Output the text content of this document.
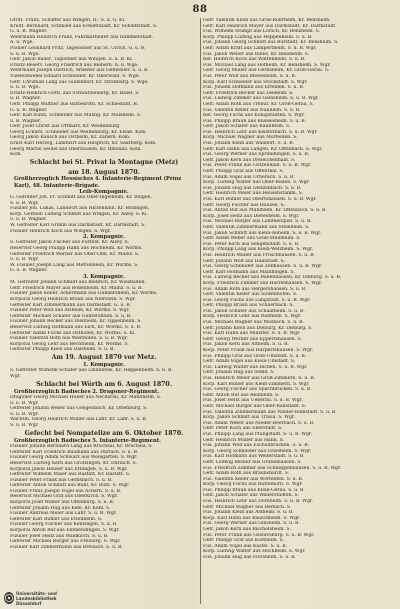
88
Gfrdt. Franz, Schaffer aus Wingen, R.- S. u. G. Kl.
Krüdt. Bernhard, Schmied aus Schlettstadt, Kr. Schlettstadt. S.
G. u. B. Wagner.
Wehrmann Heinrich Franz, Fabrikarbeiter aus Hammerstadt.
A. u. Wge.
Pionier Leonhard Fritz, Tagelöhner aus St. Ulrich. G. u. B.
S. u. B. Wge.
Gefr. Jakob Bauer, Taglöhner aus Wingen. S. u. B. Kl.
Ersatz-Reserv. Georg Friedrich aus Biebern. A. u. Wge.
Wehrmann Joseph Dietrich, Arbeiter aus Gebweiler. S. u. B.
Vizefeldwebel Eduard Schneider, Kr. Oberwald. S. Wge.
Gefr. Christian Lang aus Gudendorf, Kr. Straßburg. S. Wge.
S. u. B. Wge.
Ersatz-Heinrich Gottl, aus Schwarzenberg. Kr. Basel. S.
u. B. Wagner.
Gefr. Philipp Walther aus Barbelroth, Kr. Schlestadt. B.
G. u. B. Wagner.
Gefr. Karl Kuhn, Schneider aus Mutzig. Kr. Molsheim. S.
u. B. Wagner.
Gefr. Josef Christ aus Ottmars, Kr. Weißenburg.
Georg Eckard, Schneider aus Weißenburg, Kr. Elsaß. Kom.
Georg Jakob Rausch aus Ostheim, Kr. Zabern. Kom.
Ernst Karl Herzog, Landwirt aus Hilsprich, Kr. Saarburg. Kom.
Georg Martin Seidel aus Oberhausen, Kr. Rheinau. Kom.
Kom.
Schlacht bei St. Privat la Montagne (Metz)
am 18. August 1870.
Großherzoglich Hessisches 4. Infanterie-Regiment (Prinz
Karl), 48. Infanterie-Brigade.
Leib-Kompagnie.
G. Gefreiter Joh. Fr. Schmitt aus Ober-Ingelheim, Kr. Bingen.
S. u. B. Wgr.
Füsilier Joh. Lukas, Landwirt aus Hirzenhain, Kr. Büdingen.
Korp. Gottlieb Ludwig Schmitt aus Wingen, Kr. Alzey. S. Kl.
S. u. B. Wagner.
W. Gefreiter Karl Grimm aus Darmstadt, Kr. Darmstadt. S.
Füsilier Heinrich Koch aus Wingen. S. Wgr.
2. Kompagnie.
S. Gefreiter Jakob Fischer aus Fürfeld, Kr. Alzey. S.
Reservist Georg Philipp Hahn aus Hochheim, Kr. Worms.
Gefreiter Friedrich Werner aus Ober-Olm, Kr. Mainz. S.
S. u. B. Wgr.
W. Füsilier Joseph Lang aus Mettenheim, Kr. Worms. S.
G. u. B. Wagner.
3. Kompagnie.
M. Gefreiter Johann Schmidt aus Biebrich, Kr. Wiesbaden.
Gefr. Friedrich Mayer aus Bodenheim, Kr. Mainz. S. u. B.
Füsilier Jakob Keller, Ackermann aus Gundersheim, Kr. Worms.
Korporal Georg Heinrich Braun aus Nierstein. S. Wgr.
Gefreiter Karl Zimmermann aus Darmstadt. G. u. B.
Füsilier Peter Wolf aus Alsheim, Kr. Worms. S. Wgr.
Gefreiter Michael Schäfer aus Guntersblum. S. u. B.
Füsilier Johann Becker aus Dienheim, Kr. Oppenheim. S.
Reservist Ludwig Hofmann aus Eich, Kr. Worms. S. u. B.
Gefreiter Adam Fuchs aus Osthofen, Kr. Worms. S. Kl.
Füsilier Valentin Roth aus Westhofen. S. u. B. Wgr.
Korporal Georg Lehr aus Bechtheim, Kr. Worms. S.
Gefreiter Philipp Klein aus Dalsheim. S. u. B.
Am 19. August 1870 vor Metz.
1. Kompagnie.
S. Gefreiter Wilhelm Schäfer aus Lindenfels, Kr. Heppenheim. S. u. B.
Wgr.
Schlacht bei Wörth am 6. August 1870.
Großherzoglich Badisches 2. Dragoner-Regiment.
Dragoner Georg Michael Huber aus Neckarau, Kr. Mannheim. S.
S. u. B. Wgr.
Gefreiter Johann Weber aus Gengenbach, Kr. Offenburg. S.
S. u. B. Wgr.
Wachtm. Georg Heinrich Müller aus Lahr, Kr. Lahr. S. u. B.
S. u. B. Wgr.
Gefecht bei Nompatelize am 6. Oktober 1870.
Großherzoglich Badisches 5. Infanterie-Regiment.
Füsilier Johann Bernhard Lang aus Bruchsal, Kr. Bruchsal. S.
Gefreiter Karl Friedrich Baumann aus Durlach. S. u. B.
Füsilier Georg Adam Schwarz aus Weingarten. S. Wgr.
Reservist Ludwig Kern aus Grötzingen, Kr. Durlach. S.
Korporal Jakob Hauser aus Ettlingen. S. u. B. Wgr.
Gefreiter Wilhelm Maier aus Rastatt, Kr. Rastatt. S.
Füsilier Peter Frank aus Gernsbach. S. u. B.
Gefreiter Anton Schmitt aus Bühl, Kr. Bühl. S. Wgr.
Füsilier Franz Joseph Vogel aus Achern. S. u. B.
Reservist Michael Graf aus Oberkirch. S. Wgr.
Korporal Josef Walter aus Offenburg. S. u. B.
Gefreiter Johann Hug aus Kehl, Kr. Kehl. S.
Füsilier Andreas Meier aus Lahr. S. u. B. Wgr.
Gefreiter Karl Bühler aus Ettenheim. S.
Füsilier Georg Fischer aus Kenzingen. S. u. B.
Korporal Anton Ruf aus Emmendingen. S. Wgr.
Füsilier Josef Heitz aus Waldkirch. S. u. B.
Gefreiter Michael Burger aus Freiburg. S. Wgr.
Füsilier Karl Zimmermann aus Breisach. S. u. B.
Gefr. Valentin Klein aus Groß-Rohrheim, Kr. Bensheim.
Gefr. Karl Heinrich Mayer aus Darmstadt, Kr. Darmstadt.
Füs. Wilhelm Stumpf aus Lorsch, Kr. Bensheim. S.
Korp. Philipp Ludwig aus Heppenheim. S. u. B.
Füs. Johann Georg Schmitt aus Bürstadt, Kr. Bensheim. S.
Gefr. Adam Kraft aus Lampertheim. S. u. B. Wgr.
Füs. Jakob Weber aus Biblis, Kr. Bensheim. S.
Ref. Heinrich Koch aus Wattenheim. S. u. B.
Füs. Michael Lang aus Hofheim, Kr. Bensheim. S. Wgr.
Gefr. Georg Müller aus Gernsheim, Kr. Groß-Gerau. S.
Füs. Peter Wolf aus Biebesheim. S. u. B.
Korp. Karl Schneider aus Stockstadt. S. Wgr.
Füs. Johann Hofmann aus Erfelden. S. u. B.
Gefr. Friedrich Becker aus Leeheim. S.
Füs. Ludwig Zimmer aus Geinsheim. S. u. B. Wgr.
Gefr. Adam Roth aus Trebur, Kr. Groß-Gerau. S.
Füs. Valentin Keller aus Nauheim. S. u. B.
Ref. Georg Fuchs aus Königstädten. S. Wgr.
Füs. Philipp Braun aus Rüsselsheim. S. u. B.
Gefr. Jakob Schäfer aus Raunheim. S.
Füs. Heinrich Lehr aus Kelsterbach. S. u. B. Wgr.
Korp. Michael Wagner aus Mörfelden. S.
Füs. Johann Klein aus Walldorf. S. u. B.
Gefr. Karl Hahn aus Langen, Kr. Offenbach. S. Wgr.
Füs. Georg Werner aus Sprendlingen. S. u. B.
Gefr. Jakob Kern aus Dreieichenhain. S.
Füs. Peter Frank aus Götzenhain. S. u. B. Wgr.
Gefr. Philipp Graf aus Offenthal. S.
Füs. Adam Vogel aus Urberach. S. u. B.
Korp. Ludwig Walter aus Ober-Roden. S. Wgr.
Füs. Johann Hug aus Dietzenbach. S. u. B.
Gefr. Heinrich Meier aus Heusenstamm. S.
Füs. Karl Bühler aus Obertshausen. S. u. B. Wgr.
Gefr. Georg Fischer aus Hausen. S.
Füs. Anton Ruf aus Mühlheim, Kr. Offenbach. S. u. B.
Korp. Josef Heitz aus Dietesheim. S. Wgr.
Füs. Michael Burger aus Lämmerspiel. S. u. B.
Gefr. Valentin Zimmermann aus Steinheim. S.
Füs. Jakob Schmitt aus Klein-Auheim. S. u. B. Wgr.
Gefr. Adam Weber aus Groß-Steinheim. S.
Füs. Peter Koch aus Seligenstadt. S. u. B.
Korp. Philipp Lang aus Klein-Welzheim. S. Wgr.
Füs. Heinrich Müller aus Froschhausen. S. u. B.
Gefr. Johann Wolf aus Hainstadt. S.
Füs. Georg Schneider aus Zellhausen. S. u. B. Wgr.
Gefr. Karl Hofmann aus Mainflingen. S.
Füs. Ludwig Becker aus Babenhausen, Kr. Dieburg. S. u. B.
Korp. Friedrich Zimmer aus Harreshausen. S. Wgr.
Füs. Adam Roth aus Hergershausen. S. u. B.
Gefr. Valentin Keller aus Sickenhofen. S.
Füs. Georg Fuchs aus Langstadt. S. u. B. Wgr.
Gefr. Philipp Braun aus Schlierbach. S.
Füs. Jakob Schäfer aus Schaafheim. S. u. B.
Korp. Heinrich Lehr aus Radheim. S. Wgr.
Füs. Michael Wagner aus Mosbach. S. u. B.
Gefr. Johann Klein aus Dieburg, Kr. Dieburg. S.
Füs. Karl Hahn aus Münster. S. u. B. Wgr.
Gefr. Georg Werner aus Eppertshausen. S.
Füs. Jakob Kern aus Altheim. S. u. B.
Korp. Peter Frank aus Harpertshausen. S. Wgr.
Füs. Philipp Graf aus Groß-Umstadt. S. u. B.
Gefr. Adam Vogel aus Klein-Umstadt. S.
Füs. Ludwig Walter aus Richen. S. u. B. Wgr.
Gefr. Johann Hug aus Semd. S.
Füs. Heinrich Meier aus Groß-Zimmern. S. u. B.
Korp. Karl Bühler aus Klein-Zimmern. S. Wgr.
Füs. Georg Fischer aus Spachbrücken. S. u. B.
Gefr. Anton Ruf aus Reinheim. S.
Füs. Josef Heitz aus Ueberau. S. u. B. Wgr.
Gefr. Michael Burger aus Ober-Ramstadt. S.
Füs. Valentin Zimmermann aus Nieder-Ramstadt. S. u. B.
Korp. Jakob Schmitt aus Traisa. S. Wgr.
Füs. Adam Weber aus Nieder-Beerbach. S. u. B.
Gefr. Peter Koch aus Eberstadt. S.
Füs. Philipp Lang aus Pfungstadt. S. u. B. Wgr.
Gefr. Heinrich Müller aus Hahn. S.
Füs. Johann Wolf aus Eschollbrücken. S. u. B.
Korp. Georg Schneider aus Griesheim. S. Wgr.
Füs. Karl Hofmann aus Weiterstadt. S. u. B.
Gefr. Ludwig Becker aus Gräfenhausen. S.
Füs. Friedrich Zimmer aus Schneppenhausen. S. u. B. Wgr.
Gefr. Adam Roth aus Braunshardt. S.
Füs. Valentin Keller aus Worfelden. S. u. B.
Korp. Georg Fuchs aus Büttelborn. S. Wgr.
Füs. Philipp Braun aus Klein-Gerau. S. u. B.
Gefr. Jakob Schäfer aus Wallerstädten. S.
Füs. Heinrich Lehr aus Dornheim. S. u. B. Wgr.
Gefr. Michael Wagner aus Berkach. S.
Füs. Johann Klein aus Astheim. S. u. B.
Korp. Karl Hahn aus Bauschheim. S. Wgr.
Füs. Georg Werner aus Ginsheim. S. u. B.
Gefr. Jakob Kern aus Bischofsheim. S.
Füs. Peter Frank aus Gustavsburg. S. u. B. Wgr.
Gefr. Philipp Graf aus Kostheim. S.
Füs. Adam Vogel aus Kastel. S. u. B.
Korp. Ludwig Walter aus Hochheim. S. Wgr.
Füs. Johann Hug aus Flörsheim. S. u. B.
Universitäts- und
Landesbibliothek Düsseldorf
